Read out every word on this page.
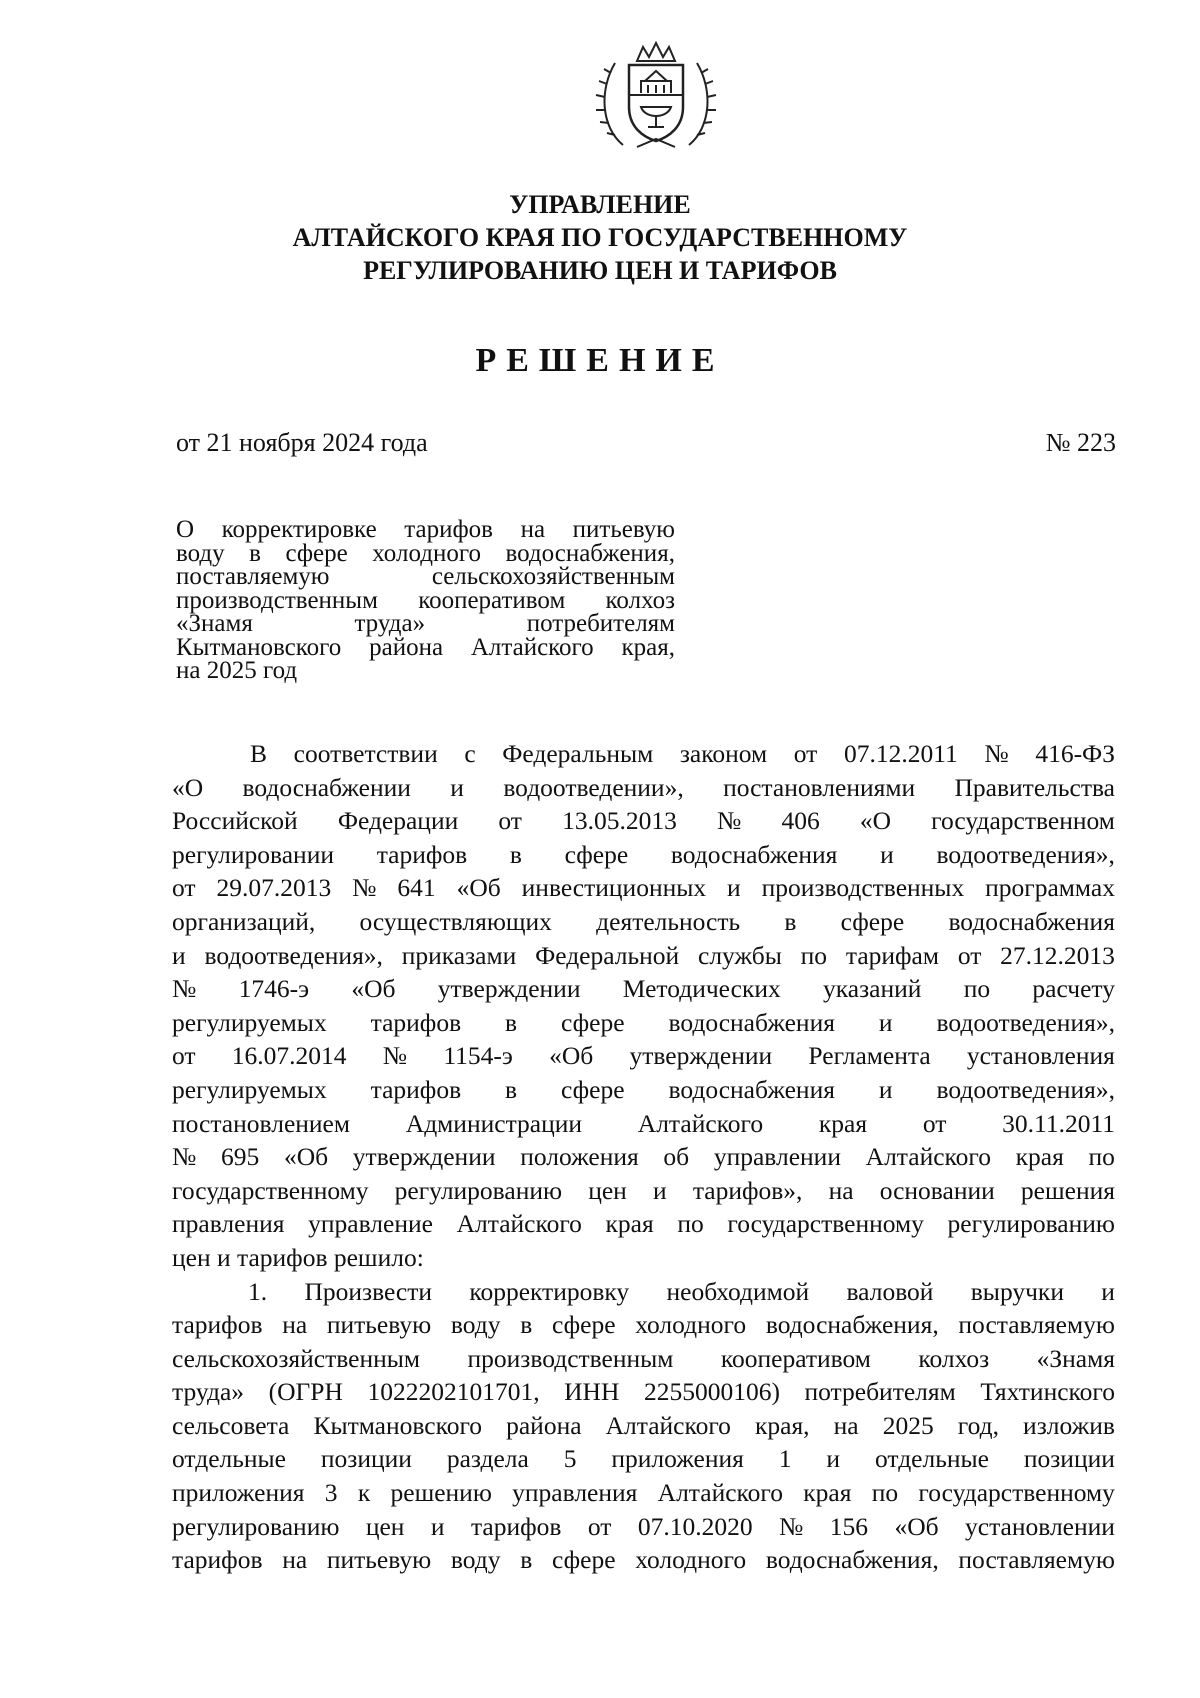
УПРАВЛЕНИЕ
АЛТАЙСКОГО КРАЯ ПО ГОСУДАРСТВЕННОМУ
РЕГУЛИРОВАНИЮ ЦЕН И ТАРИФОВ
РЕШЕНИЕ
от 21 ноября 2024 года	№ 223
О корректировке тарифов на питьевую
воду в сфере холодного водоснабжения,
поставляемую	сельскохозяйственным
производственным кооперативом колхоз
«Знамя	труда»	потребителям
Кытмановского района Алтайского края,
на 2025 год
В соответствии с Федеральным законом от 07.12.2011 № 416-ФЗ
«О водоснабжении и водоотведении», постановлениями Правительства
Российской Федерации от 13.05.2013 № 406 «О государственном
регулировании тарифов в сфере водоснабжения и водоотведения»,
от 29.07.2013 № 641 «Об инвестиционных и производственных программах
организаций, осуществляющих деятельность в сфере водоснабжения
и водоотведения», приказами Федеральной службы по тарифам от 27.12.2013
№ 1746-э «Об утверждении Методических указаний по расчету
регулируемых тарифов в сфере водоснабжения и водоотведения»,
от 16.07.2014 № 1154-э «Об утверждении Регламента установления
регулируемых тарифов в сфере водоснабжения и водоотведения»,
постановлением Администрации Алтайского края от 30.11.2011
№ 695 «Об утверждении положения об управлении Алтайского края по
государственному регулированию цен и тарифов», на основании решения
правления управление Алтайского края по государственному регулированию
цен и тарифов решило:
1. Произвести корректировку необходимой валовой выручки и
тарифов на питьевую воду в сфере холодного водоснабжения, поставляемую
сельскохозяйственным производственным кооперативом колхоз «Знамя
труда» (ОГРН 1022202101701, ИНН 2255000106) потребителям Тяхтинского
сельсовета Кытмановского района Алтайского края, на 2025 год, изложив
отдельные позиции раздела 5 приложения 1 и отдельные позиции
приложения 3 к решению управления Алтайского края по государственному
регулированию цен и тарифов от 07.10.2020 № 156 «Об установлении
тарифов на питьевую воду в сфере холодного водоснабжения, поставляемую
